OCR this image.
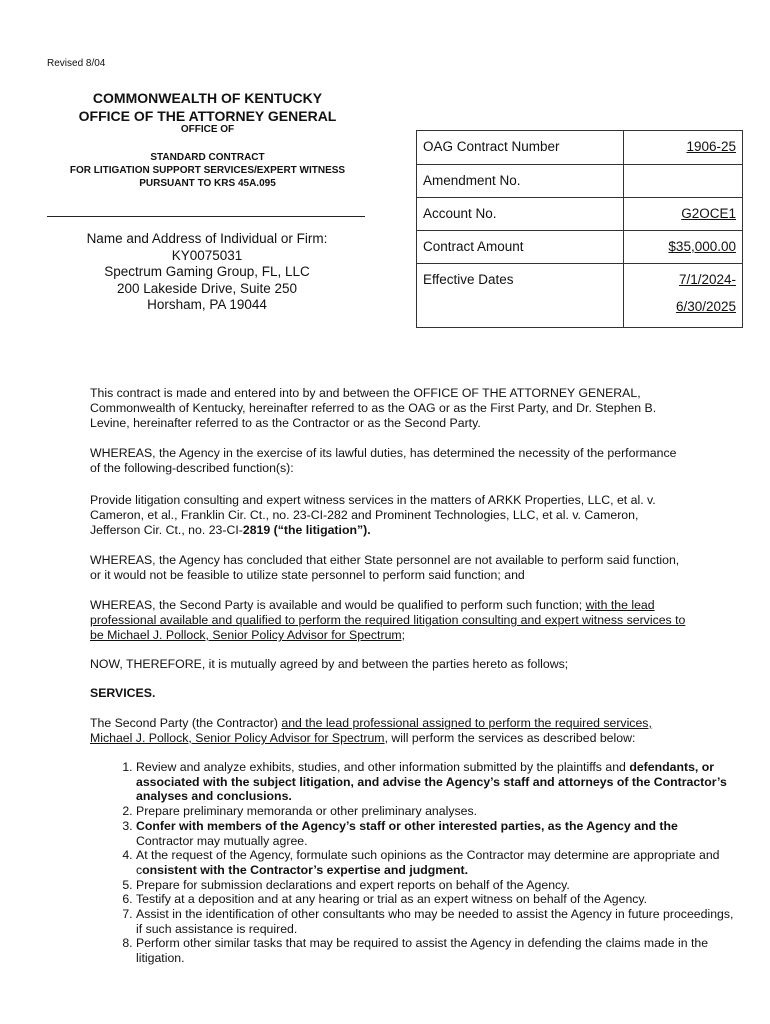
Revised 8/04
COMMONWEALTH OF KENTUCKY
OFFICE OF THE ATTORNEY GENERAL
OFFICE OF
STANDARD CONTRACT
FOR LITIGATION SUPPORT SERVICES/EXPERT WITNESS
PURSUANT TO KRS 45A.095
Name and Address of Individual or Firm:
KY0075031
Spectrum Gaming Group, FL, LLC
200 Lakeside Drive, Suite 250
Horsham, PA 19044
OAG Contract Number	1906-25
Amendment No.	
Account No.	G2OCE1
Contract Amount	$35,000.00
Effective Dates	7/1/2024-
6/30/2025

This contract is made and entered into by and between the OFFICE OF THE ATTORNEY GENERAL, Commonwealth of Kentucky, hereinafter referred to as the OAG or as the First Party, and Dr. Stephen B. Levine, hereinafter referred to as the Contractor or as the Second Party.

WHEREAS, the Agency in the exercise of its lawful duties, has determined the necessity of the performance of the following-described function(s):

Provide litigation consulting and expert witness services in the matters of ARKK Properties, LLC, et al. v. Cameron, et al., Franklin Cir. Ct., no. 23-CI-282 and Prominent Technologies, LLC, et al. v. Cameron, Jefferson Cir. Ct., no. 23-CI-2819 (“the litigation”).

WHEREAS, the Agency has concluded that either State personnel are not available to perform said function, or it would not be feasible to utilize state personnel to perform said function; and

WHEREAS, the Second Party is available and would be qualified to perform such function; with the lead professional available and qualified to perform the required litigation consulting and expert witness services to be Michael J. Pollock, Senior Policy Advisor for Spectrum;

NOW, THEREFORE, it is mutually agreed by and between the parties hereto as follows;

SERVICES.

The Second Party (the Contractor) and the lead professional assigned to perform the required services, Michael J. Pollock, Senior Policy Advisor for Spectrum, will perform the services as described below:

1. Review and analyze exhibits, studies, and other information submitted by the plaintiffs and defendants, or associated with the subject litigation, and advise the Agency’s staff and attorneys of the Contractor’s analyses and conclusions.
2. Prepare preliminary memoranda or other preliminary analyses.
3. Confer with members of the Agency’s staff or other interested parties, as the Agency and the Contractor may mutually agree.
4. At the request of the Agency, formulate such opinions as the Contractor may determine are appropriate and consistent with the Contractor’s expertise and judgment.
5. Prepare for submission declarations and expert reports on behalf of the Agency.
6. Testify at a deposition and at any hearing or trial as an expert witness on behalf of the Agency.
7. Assist in the identification of other consultants who may be needed to assist the Agency in future proceedings, if such assistance is required.
8. Perform other similar tasks that may be required to assist the Agency in defending the claims made in the litigation.
